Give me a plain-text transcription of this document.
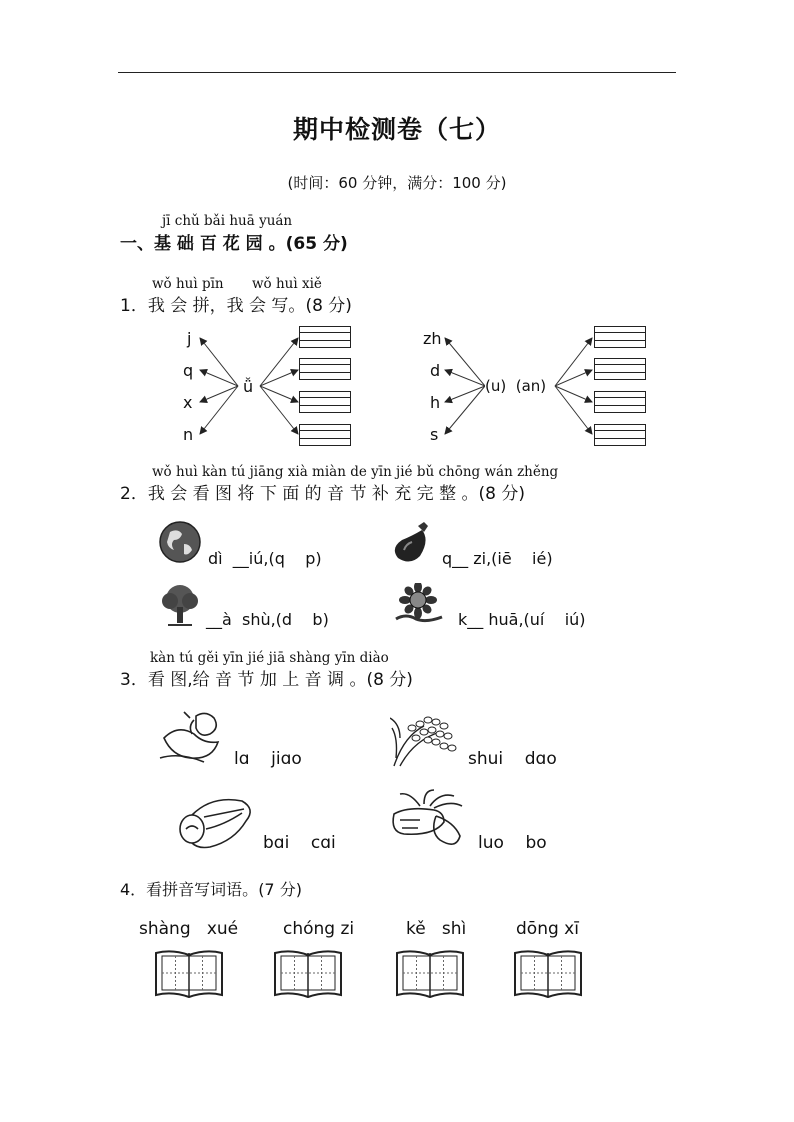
期中检测卷（七）
(时间：60 分钟，满分：100 分)
jī chǔ bǎi huā yuán
一、基 础 百 花 园 。(65 分)
wǒ huì pīn wǒ huì xiě
1．我 会 拼，我 会 写。(8 分)
j
q
x
n
ǚ
zh
d
h
s
(u)  (an)
wǒ huì kàn tú jiāng xià miàn de yīn jié bǔ chōng wán zhěng
2．我 会 看 图 将 下 面 的 音 节 补 充 完 整 。(8 分)
dì  __iú,(q    p)	q__ zi,(iē    ié)
__à  shù,(d    b)	k__ huā,(uí    iú)
kàn tú gěi yīn jié jiā shàng yīn diào
3．看 图,给 音 节 加 上 音 调 。(8 分)
lɑ    jiɑo	shui    dɑo
bɑi    cɑi	luo    bo
4．看拼音写词语。(7 分)
shàng   xué	chóng zi	kě   shì	dōng xī
